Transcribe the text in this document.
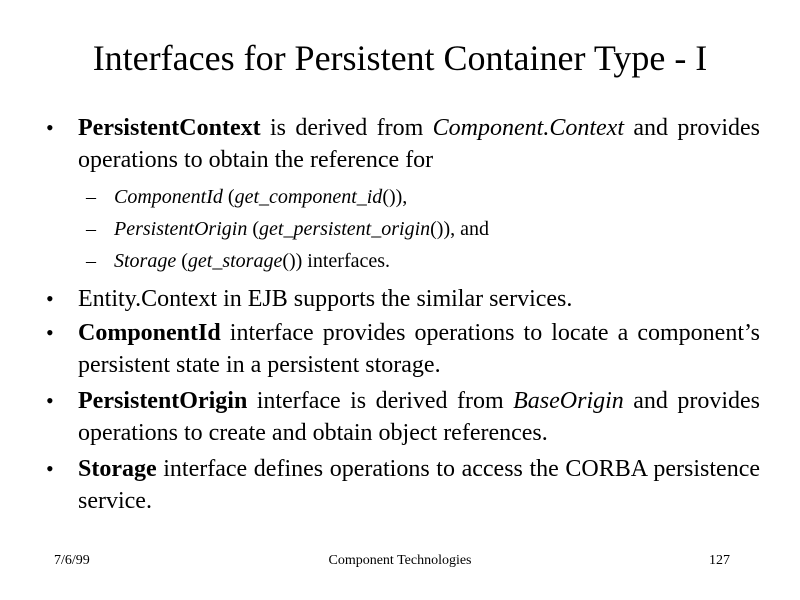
Interfaces for Persistent Container Type - I
• PersistentContext is derived from Component.Context and provides operations to obtain the reference for
– ComponentId (get_component_id()),
– PersistentOrigin (get_persistent_origin()), and
– Storage (get_storage()) interfaces.
• Entity.Context in EJB supports the similar services.
• ComponentId interface provides operations to locate a component’s persistent state in a persistent storage.
• PersistentOrigin interface is derived from BaseOrigin and provides operations to create and obtain object references.
• Storage interface defines operations to access the CORBA persistence service.
7/6/99	Component Technologies	127
